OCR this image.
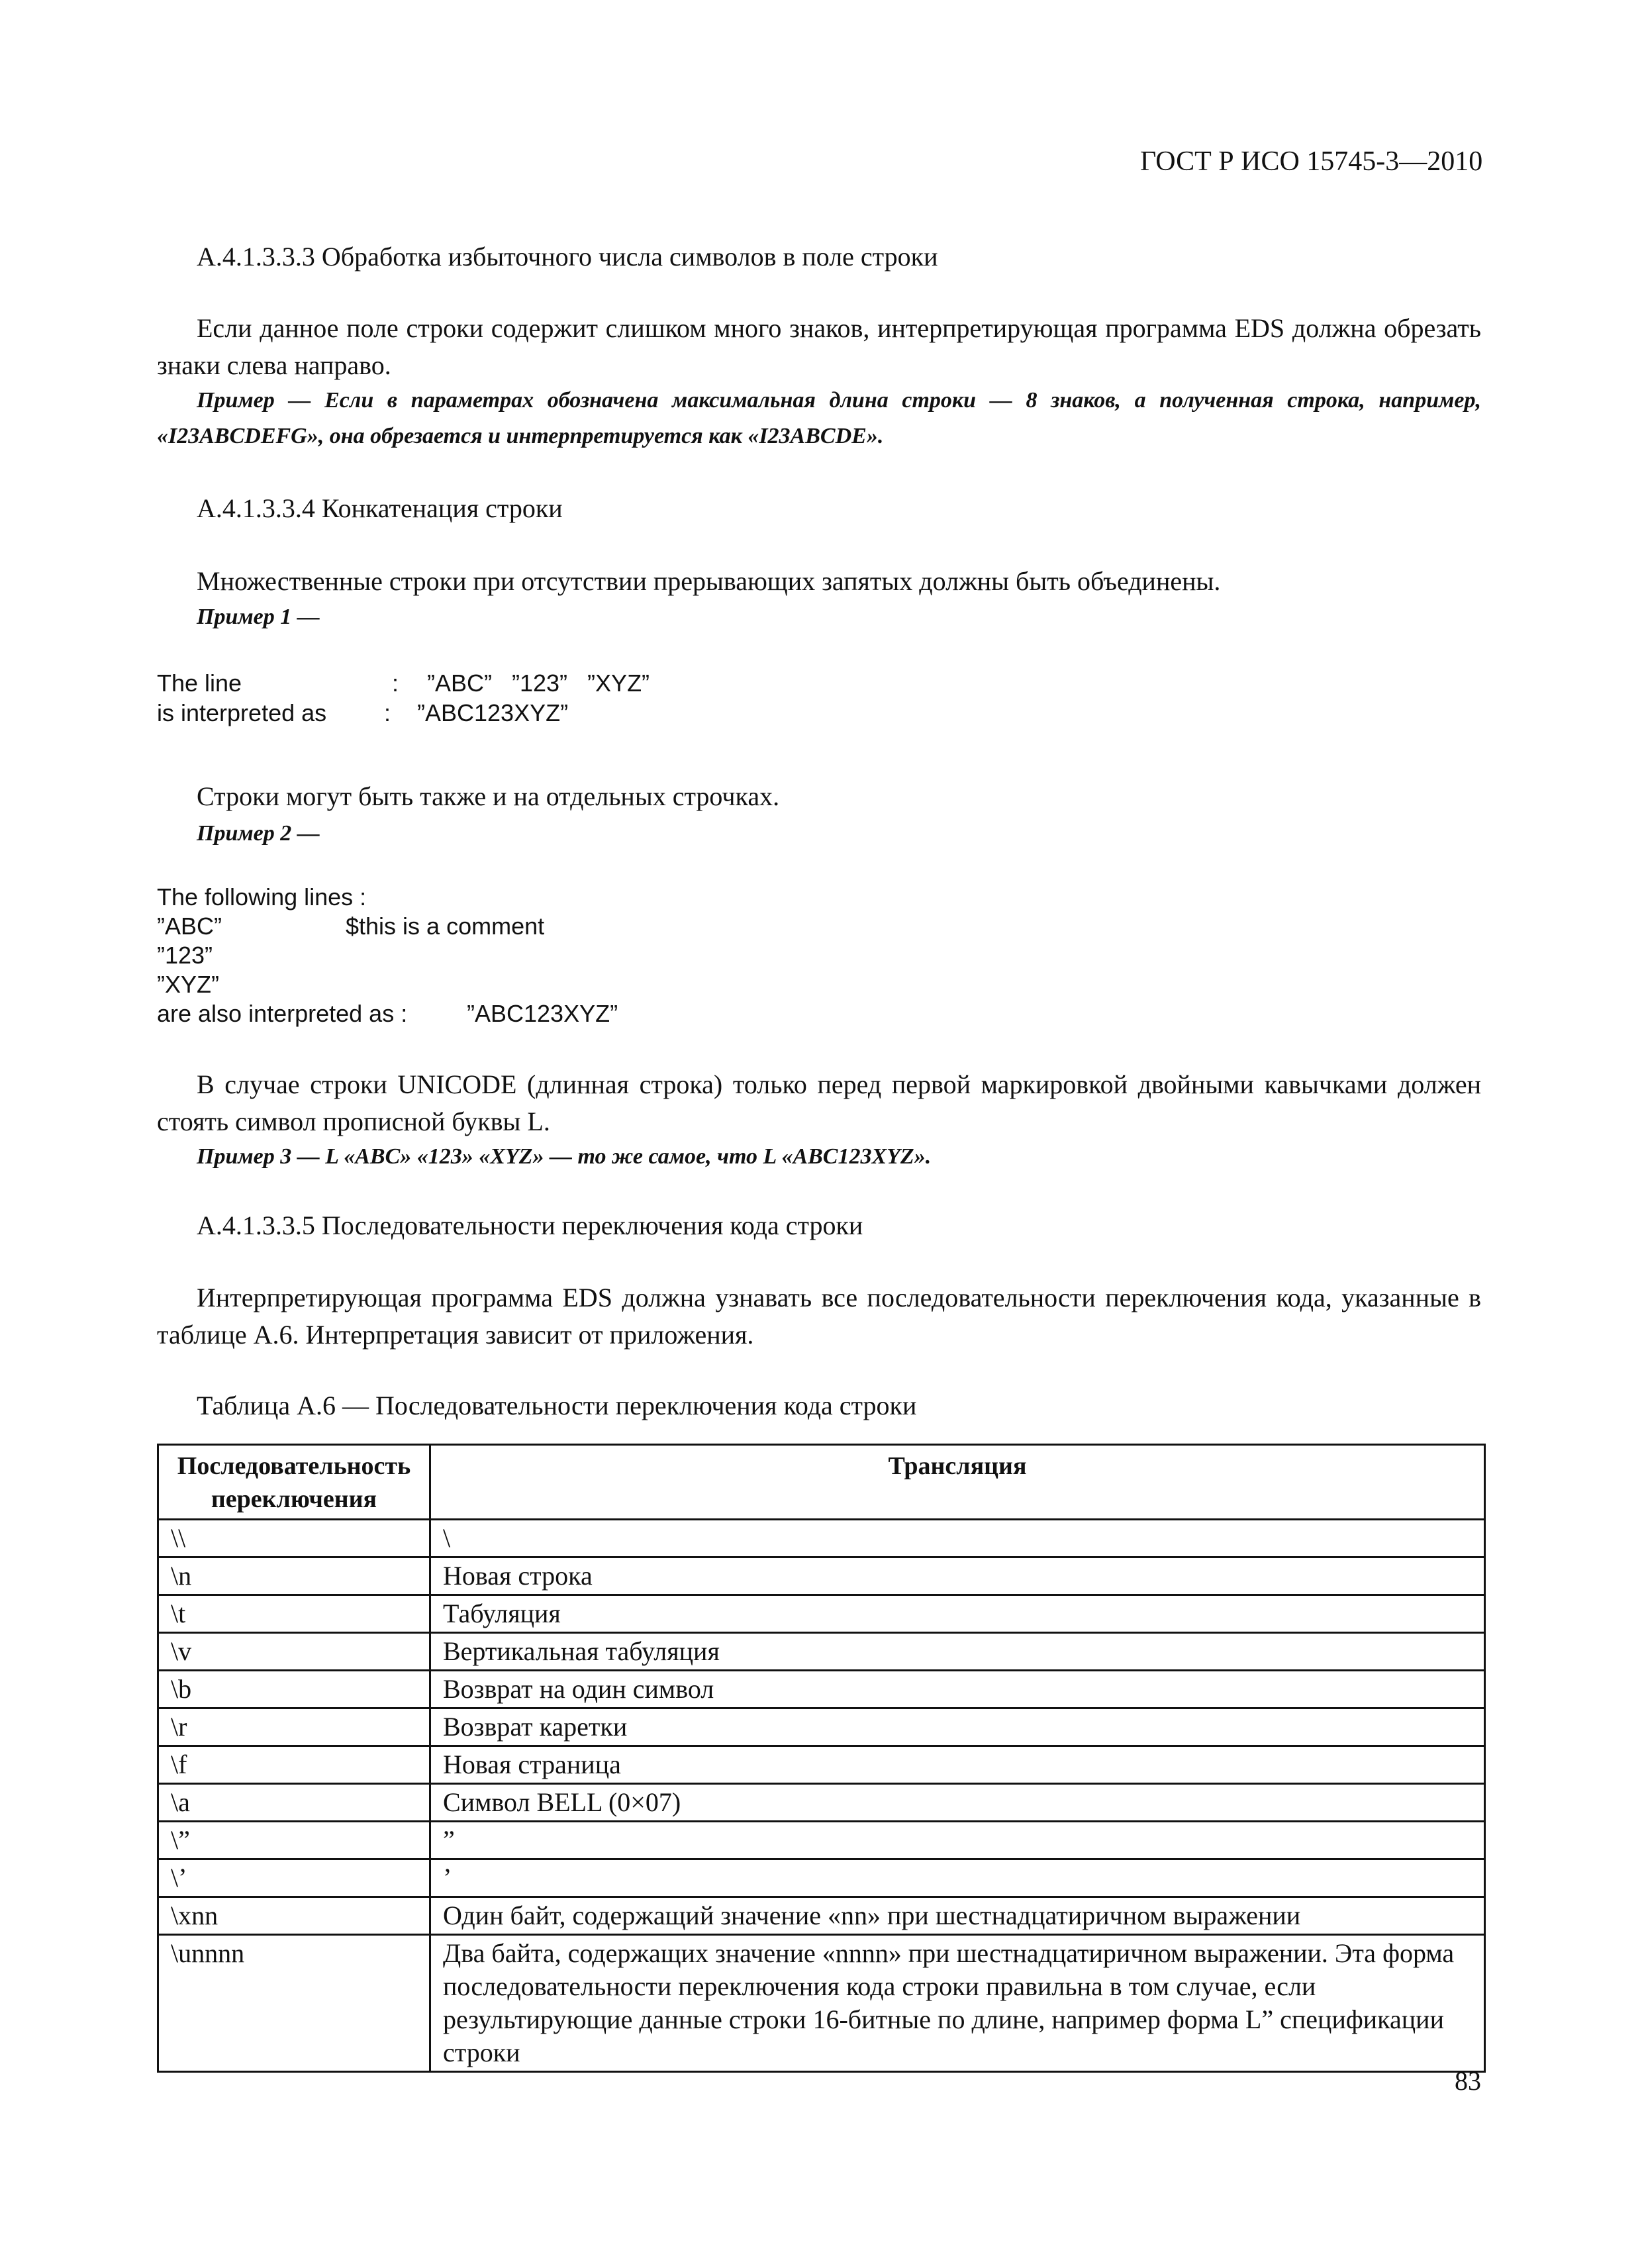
ГОСТ Р ИСО 15745-3—2010
А.4.1.3.3.3 Обработка избыточного числа символов в поле строки
Если данное поле строки содержит слишком много знаков, интерпретирующая программа EDS должна обрезать знаки слева направо.
Пример — Если в параметрах обозначена максимальная длина строки — 8 знаков, а полученная строка, например, «I23ABCDEFG», она обрезается и интерпретируется как «I23ABCDE».
А.4.1.3.3.4 Конкатенация строки
Множественные строки при отсутствии прерывающих запятых должны быть объединены.
Пример 1 —
The line	: ”ABC”   ”123”   ”XYZ”
is interpreted as : ”ABC123XYZ”
Строки могут быть также и на отдельных строчках.
Пример 2 —
The following lines :
”ABC”	$this is a comment
”123”
”XYZ”
are also interpreted as : ”ABC123XYZ”
В случае строки UNICODE (длинная строка) только перед первой маркировкой двойными кавычками должен стоять символ прописной буквы L.
Пример 3 — L «ABC» «123» «XYZ» — то же самое, что L «ABC123XYZ».
А.4.1.3.3.5 Последовательности переключения кода строки
Интерпретирующая программа EDS должна узнавать все последовательности переключения кода, указанные в таблице А.6. Интерпретация зависит от приложения.
Таблица А.6 — Последовательности переключения кода строки
Последовательность переключения	Трансляция
\\	\
\n	Новая строка
\t	Табуляция
\v	Вертикальная табуляция
\b	Возврат на один символ
\r	Возврат каретки
\f	Новая страница
\a	Символ BELL (0×07)
\”	”
\’	’
\xnn	Один байт, содержащий значение «nn» при шестнадцатиричном выражении
\unnnn	Два байта, содержащих значение «nnnn» при шестнадцатиричном выражении. Эта форма последовательности переключения кода строки правильна в том случае, если результирующие данные строки 16-битные по длине, например форма L” спецификации строки
83
